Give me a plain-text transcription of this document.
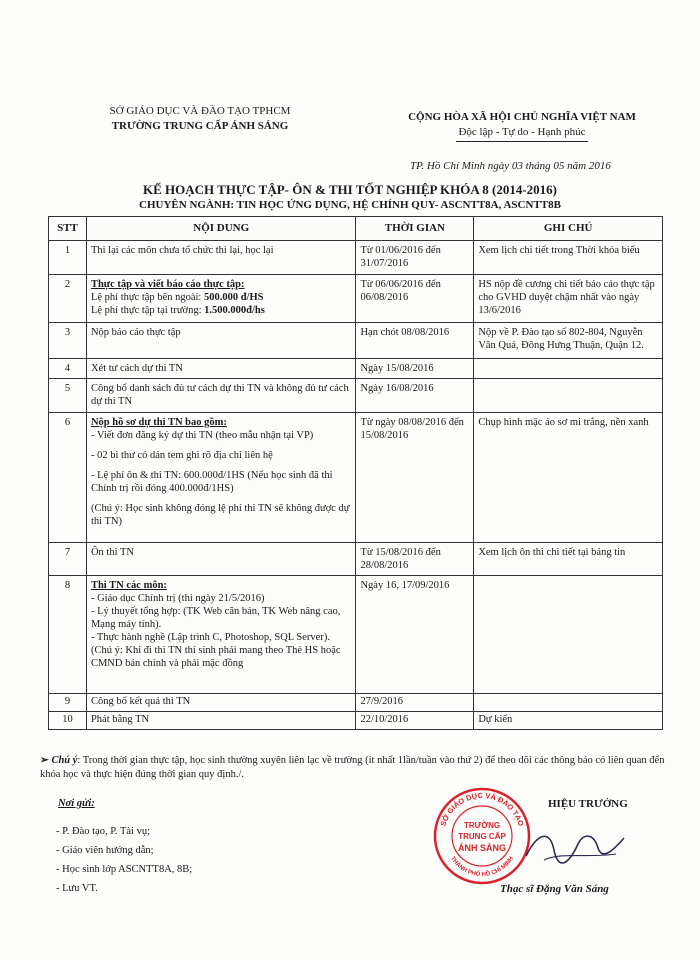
SỞ GIÁO DỤC VÀ ĐÀO TẠO TPHCM
TRƯỜNG TRUNG CẤP ÁNH SÁNG
CỘNG HÒA XÃ HỘI CHỦ NGHĨA VIỆT NAM
Độc lập - Tự do - Hạnh phúc
TP. Hồ Chí Minh ngày 03 tháng 05 năm 2016
KẾ HOẠCH THỰC TẬP- ÔN & THI TỐT NGHIỆP KHÓA 8 (2014-2016)
CHUYÊN NGÀNH: TIN HỌC ỨNG DỤNG, HỆ CHÍNH QUY- ASCNTT8A, ASCNTT8B
STT	NỘI DUNG	THỜI GIAN	GHI CHÚ
1	Thi lại các môn chưa tổ chức thi lại, học lại	Từ 01/06/2016 đến 31/07/2016	Xem lịch chi tiết trong Thời khóa biểu
2	Thực tập và viết báo cáo thực tập:
Lệ phí thực tập bên ngoài: 500.000 đ/HS
Lệ phí thực tập tại trường: 1.500.000đ/hs	Từ 06/06/2016 đến 06/08/2016	HS nộp đề cương chi tiết báo cáo thực tập cho GVHD duyệt chậm nhất vào ngày 13/6/2016
3	Nộp báo cáo thực tập	Hạn chót 08/08/2016	Nộp về P. Đào tạo số 802-804, Nguyễn Văn Quá, Đông Hưng Thuận, Quận 12.
4	Xét tư cách dự thi TN	Ngày 15/08/2016	
5	Công bố danh sách đủ tư cách dự thi TN và không đủ tư cách dự thi TN	Ngày 16/08/2016	
6	Nộp hồ sơ dự thi TN bao gồm:
- Viết đơn đăng ký dự thi TN (theo mẫu nhận tại VP)
- 02 bì thư có dán tem ghi rõ địa chỉ liên hệ
- Lệ phí ôn & thi TN: 600.000đ/1HS (Nếu học sinh đã thi Chính trị rồi đóng 400.000đ/1HS)
(Chú ý: Học sinh không đóng lệ phí thi TN sẽ không được dự thi TN)	Từ ngày 08/08/2016 đến 15/08/2016	Chụp hình mặc áo sơ mi trắng, nền xanh
7	Ôn thi TN	Từ 15/08/2016 đến 28/08/2016	Xem lịch ôn thi chi tiết tại bảng tin
8	Thi TN các môn:
- Giáo dục Chính trị (thi ngày 21/5/2016)
- Lý thuyết tổng hợp: (TK Web căn bản, TK Web nâng cao, Mạng máy tính).
- Thực hành nghề (Lập trình C, Photoshop, SQL Server).
(Chú ý: Khi đi thi TN thí sinh phải mang theo Thẻ HS hoặc CMND bản chính và phải mặc đồng	Ngày 16, 17/09/2016	
9	Công bố kết quả thi TN	27/9/2016	
10	Phát bằng TN	22/10/2016	Dự kiến
➢ Chú ý: Trong thời gian thực tập, học sinh thường xuyên liên lạc về trường (ít nhất 1lần/tuần vào thứ 2) để theo dõi các thông báo có liên quan đến khóa học và thực hiện đúng thời gian quy định./.
Nơi gửi:
- P. Đào tạo, P. Tài vụ;
- Giáo viên hướng dẫn;
- Học sinh lớp ASCNTT8A, 8B;
- Lưu VT.
SỞ GIÁO DỤC VÀ ĐÀO TẠO
THÀNH PHỐ HỒ CHÍ MINH
TRƯỜNG
TRUNG CẤP
ÁNH SÁNG
HIỆU TRƯỞNG
Thạc sĩ Đặng Văn Sáng
